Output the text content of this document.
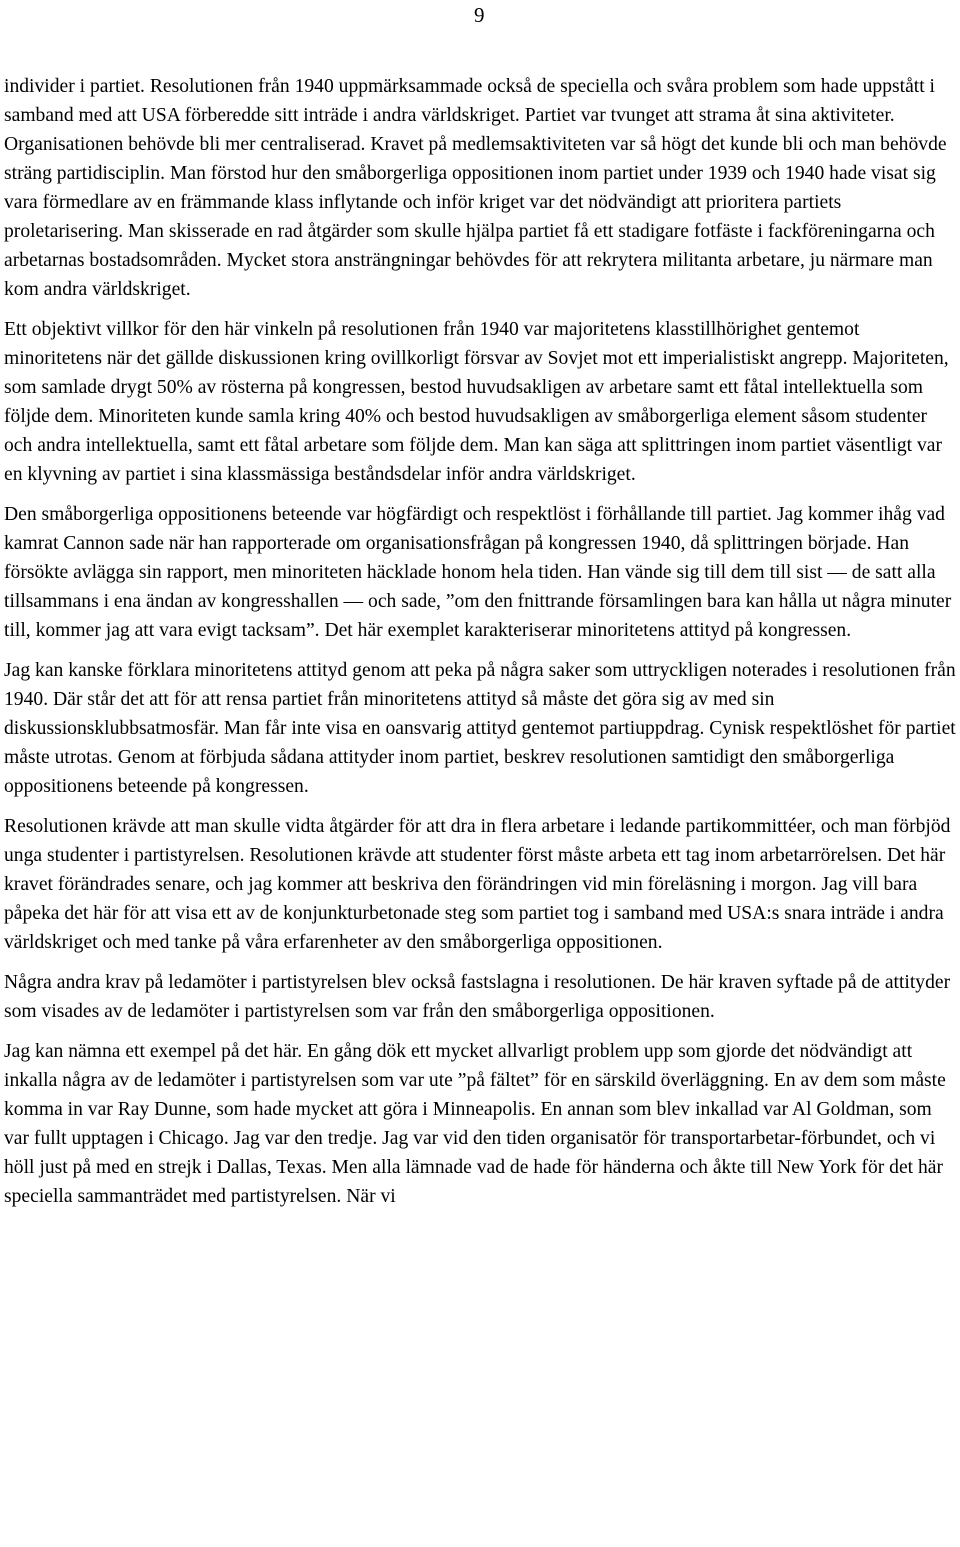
9

individer i partiet. Resolutionen från 1940 uppmärksammade också de speciella och svåra problem som hade uppstått i samband med att USA förberedde sitt inträde i andra världskriget. Partiet var tvunget att strama åt sina aktiviteter. Organisationen behövde bli mer centraliserad. Kravet på medlemsaktiviteten var så högt det kunde bli och man behövde sträng partidisciplin. Man förstod hur den småborgerliga oppositionen inom partiet under 1939 och 1940 hade visat sig vara förmedlare av en främmande klass inflytande och inför kriget var det nödvändigt att prioritera partiets proletarisering. Man skisserade en rad åtgärder som skulle hjälpa partiet få ett stadigare fotfäste i fackföreningarna och arbetarnas bostadsområden. Mycket stora ansträngningar behövdes för att rekrytera militanta arbetare, ju närmare man kom andra världskriget.

Ett objektivt villkor för den här vinkeln på resolutionen från 1940 var majoritetens klasstillhörighet gentemot minoritetens när det gällde diskussionen kring ovillkorligt försvar av Sovjet mot ett imperialistiskt angrepp. Majoriteten, som samlade drygt 50% av rösterna på kongressen, bestod huvudsakligen av arbetare samt ett fåtal intellektuella som följde dem. Minoriteten kunde samla kring 40% och bestod huvudsakligen av småborgerliga element såsom studenter och andra intellektuella, samt ett fåtal arbetare som följde dem. Man kan säga att splittringen inom partiet väsentligt var en klyvning av partiet i sina klassmässiga beståndsdelar inför andra världskriget.

Den småborgerliga oppositionens beteende var högfärdigt och respektlöst i förhållande till partiet. Jag kommer ihåg vad kamrat Cannon sade när han rapporterade om organisationsfrågan på kongressen 1940, då splittringen började. Han försökte avlägga sin rapport, men minoriteten häcklade honom hela tiden. Han vände sig till dem till sist — de satt alla tillsammans i ena ändan av kongresshallen — och sade, ”om den fnittrande församlingen bara kan hålla ut några minuter till, kommer jag att vara evigt tacksam”. Det här exemplet karakteriserar minoritetens attityd på kongressen.

Jag kan kanske förklara minoritetens attityd genom att peka på några saker som uttryckligen noterades i resolutionen från 1940. Där står det att för att rensa partiet från minoritetens attityd så måste det göra sig av med sin diskussionsklubbsatmosfär. Man får inte visa en oansvarig attityd gentemot partiuppdrag. Cynisk respektlöshet för partiet måste utrotas. Genom at förbjuda sådana attityder inom partiet, beskrev resolutionen samtidigt den småborgerliga oppositionens beteende på kongressen.

Resolutionen krävde att man skulle vidta åtgärder för att dra in flera arbetare i ledande partikommittéer, och man förbjöd unga studenter i partistyrelsen. Resolutionen krävde att studenter först måste arbeta ett tag inom arbetarrörelsen. Det här kravet förändrades senare, och jag kommer att beskriva den förändringen vid min föreläsning i morgon. Jag vill bara påpeka det här för att visa ett av de konjunkturbetonade steg som partiet tog i samband med USA:s snara inträde i andra världskriget och med tanke på våra erfarenheter av den småborgerliga oppositionen.

Några andra krav på ledamöter i partistyrelsen blev också fastslagna i resolutionen. De här kraven syftade på de attityder som visades av de ledamöter i partistyrelsen som var från den småborgerliga oppositionen.

Jag kan nämna ett exempel på det här. En gång dök ett mycket allvarligt problem upp som gjorde det nödvändigt att inkalla några av de ledamöter i partistyrelsen som var ute ”på fältet” för en särskild överläggning. En av dem som måste komma in var Ray Dunne, som hade mycket att göra i Minneapolis. En annan som blev inkallad var Al Goldman, som var fullt upptagen i Chicago. Jag var den tredje. Jag var vid den tiden organisatör för transportarbetar-förbundet, och vi höll just på med en strejk i Dallas, Texas. Men alla lämnade vad de hade för händerna och åkte till New York för det här speciella sammanträdet med partistyrelsen. När vi
